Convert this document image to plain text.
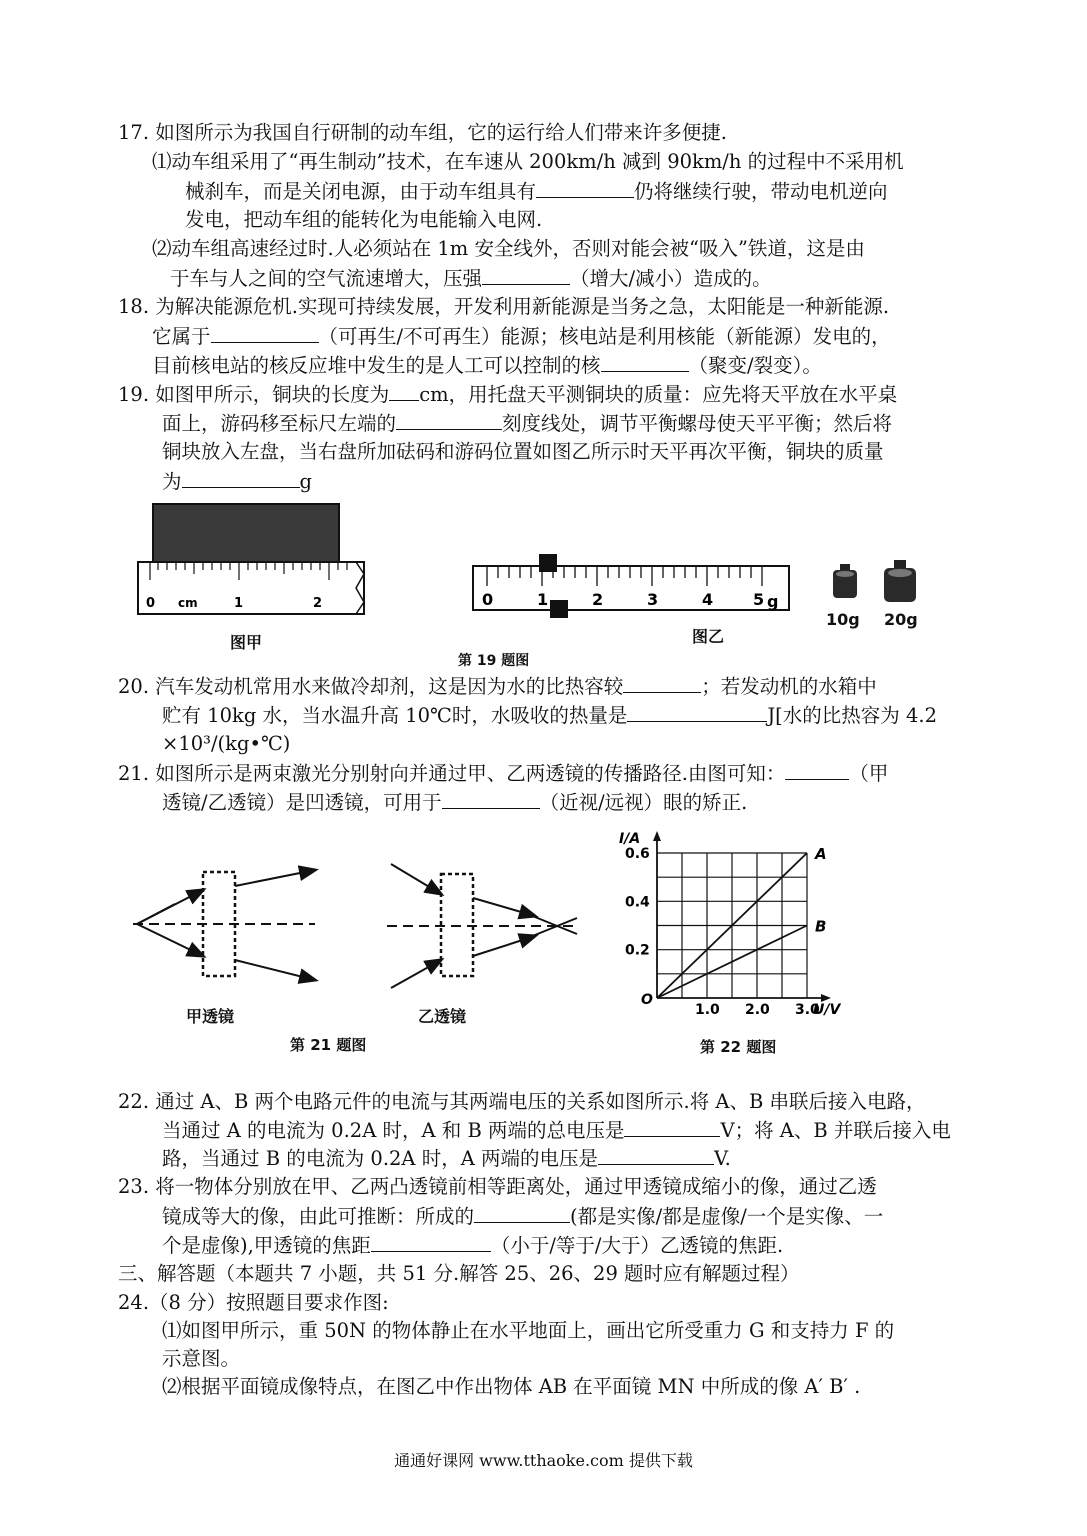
17. 如图所示为我国自行研制的动车组，它的运行给人们带来许多便捷.
⑴动车组采用了“再生制动”技术，在车速从 200km/h 减到 90km/h 的过程中不采用机
械刹车，而是关闭电源，由于动车组具有	仍将继续行驶，带动电机逆向
发电，把动车组的能转化为电能输入电网.
⑵动车组高速经过时.人必须站在 1m 安全线外，否则对能会被“吸入”铁道，这是由
于车与人之间的空气流速增大，压强	（增大/减小）造成的。
18. 为解决能源危机.实现可持续发展，开发利用新能源是当务之急，太阳能是一种新能源.
它属于	（可再生/不可再生）能源；核电站是利用核能（新能源）发电的，
目前核电站的核反应堆中发生的是人工可以控制的核	（聚变/裂变）。
19. 如图甲所示，铜块的长度为 cm，用托盘天平测铜块的质量：应先将天平放在水平桌
面上，游码移至标尺左端的	刻度线处，调节平衡螺母使天平平衡；然后将
铜块放入左盘，当右盘所加砝码和游码位置如图乙所示时天平再次平衡，铜块的质量
为	g
0 cm	1	2
图甲
0	1	2	3	4 5 g
10g 20g
图乙
第 19 题图
20. 汽车发动机常用水来做冷却剂，这是因为水的比热容较	；若发动机的水箱中
贮有 10kg 水，当水温升高 10℃时，水吸收的热量是	J[水的比热容为 4.2
×10³/(kg•℃)
21. 如图所示是两束激光分别射向并通过甲、乙两透镜的传播路径.由图可知：	（甲
透镜/乙透镜）是凹透镜，可用于	（近视/远视）眼的矫正.
甲透镜	乙透镜
第 21 题图
A
B
1.0 2.0 3.0
0.2
0.4
0.6
O
U/V
I/A
第 22 题图
22. 通过 A、B 两个电路元件的电流与其两端电压的关系如图所示.将 A、B 串联后接入电路，
当通过 A 的电流为 0.2A 时，A 和 B 两端的总电压是	V；将 A、B 并联后接入电
路，当通过 B 的电流为 0.2A 时，A 两端的电压是	V.
23. 将一物体分别放在甲、乙两凸透镜前相等距离处，通过甲透镜成缩小的像，通过乙透
镜成等大的像，由此可推断：所成的	(都是实像/都是虚像/一个是实像、一
个是虚像),甲透镜的焦距	（小于/等于/大于）乙透镜的焦距.
三、解答题（本题共 7 小题，共 51 分.解答 25、26、29 题时应有解题过程）
24.（8 分）按照题目要求作图:
⑴如图甲所示，重 50N 的物体静止在水平地面上，画出它所受重力 G 和支持力 F 的
示意图。
⑵根据平面镜成像特点，在图乙中作出物体 AB 在平面镜 MN 中所成的像 A′ B′ .
通通好课网 www.tthaoke.com 提供下载
